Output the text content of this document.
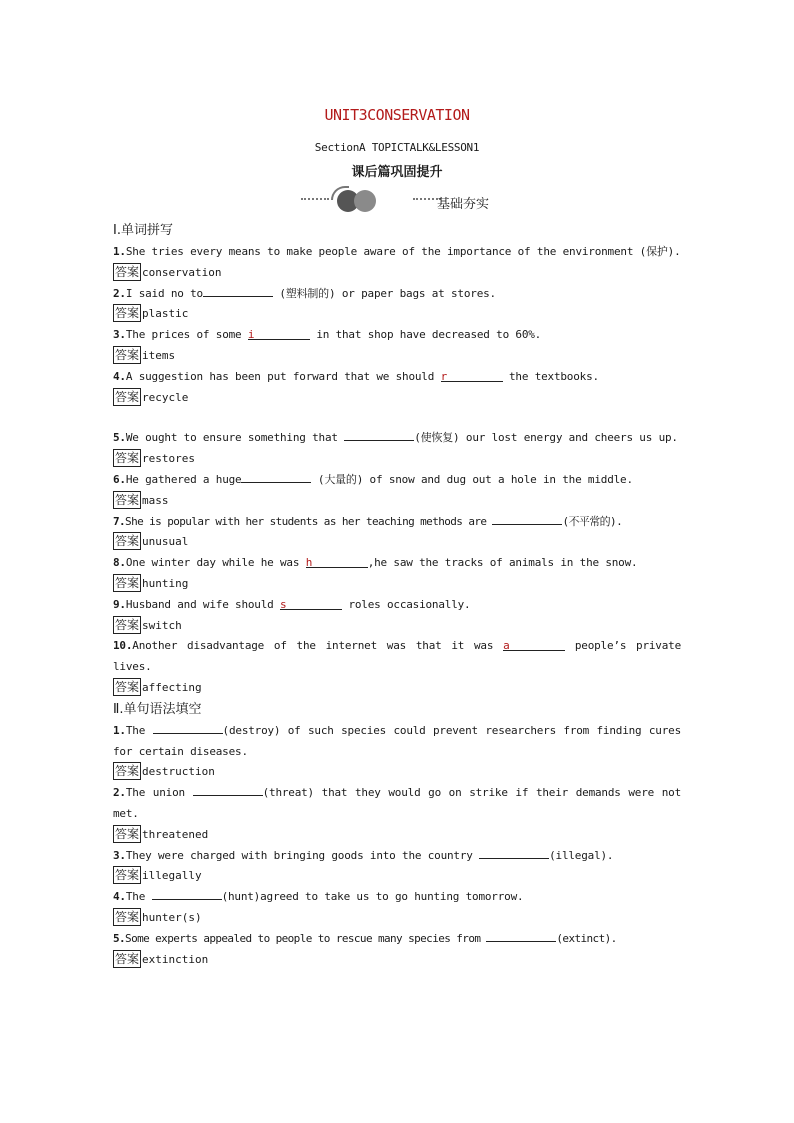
UNIT3CONSERVATION
SectionA TOPICTALK&LESSON1
课后篇巩固提升
基础夯实
Ⅰ.单词拼写
1.She tries every means to make people aware of the importance of the environment (保护).
答案 conservation
2.I said no to	(塑料制的) or paper bags at stores.
答案 plastic
3.The prices of some i	in that shop have decreased to 60%.
答案 items
4.A suggestion has been put forward that we should r	the textbooks.
答案 recycle
5.We ought to ensure something that	(使恢复) our lost energy and cheers us up.
答案 restores
6.He gathered a huge	(大量的) of snow and dug out a hole in the middle.
答案 mass
7.She is popular with her students as her teaching methods are	(不平常的).
答案 unusual
8.One winter day while he was h	,he saw the tracks of animals in the snow.
答案 hunting
9.Husband and wife should s	roles occasionally.
答案 switch
10.Another disadvantage of the internet was that it was a	people’s private lives.
答案 affecting
Ⅱ.单句语法填空
1.The	(destroy) of such species could prevent researchers from finding cures for certain diseases.
答案 destruction
2.The union	(threat) that they would go on strike if their demands were not met.
答案 threatened
3.They were charged with bringing goods into the country	(illegal).
答案 illegally
4.The	(hunt)agreed to take us to go hunting tomorrow.
答案 hunter(s)
5.Some experts appealed to people to rescue many species from	(extinct).
答案 extinction
